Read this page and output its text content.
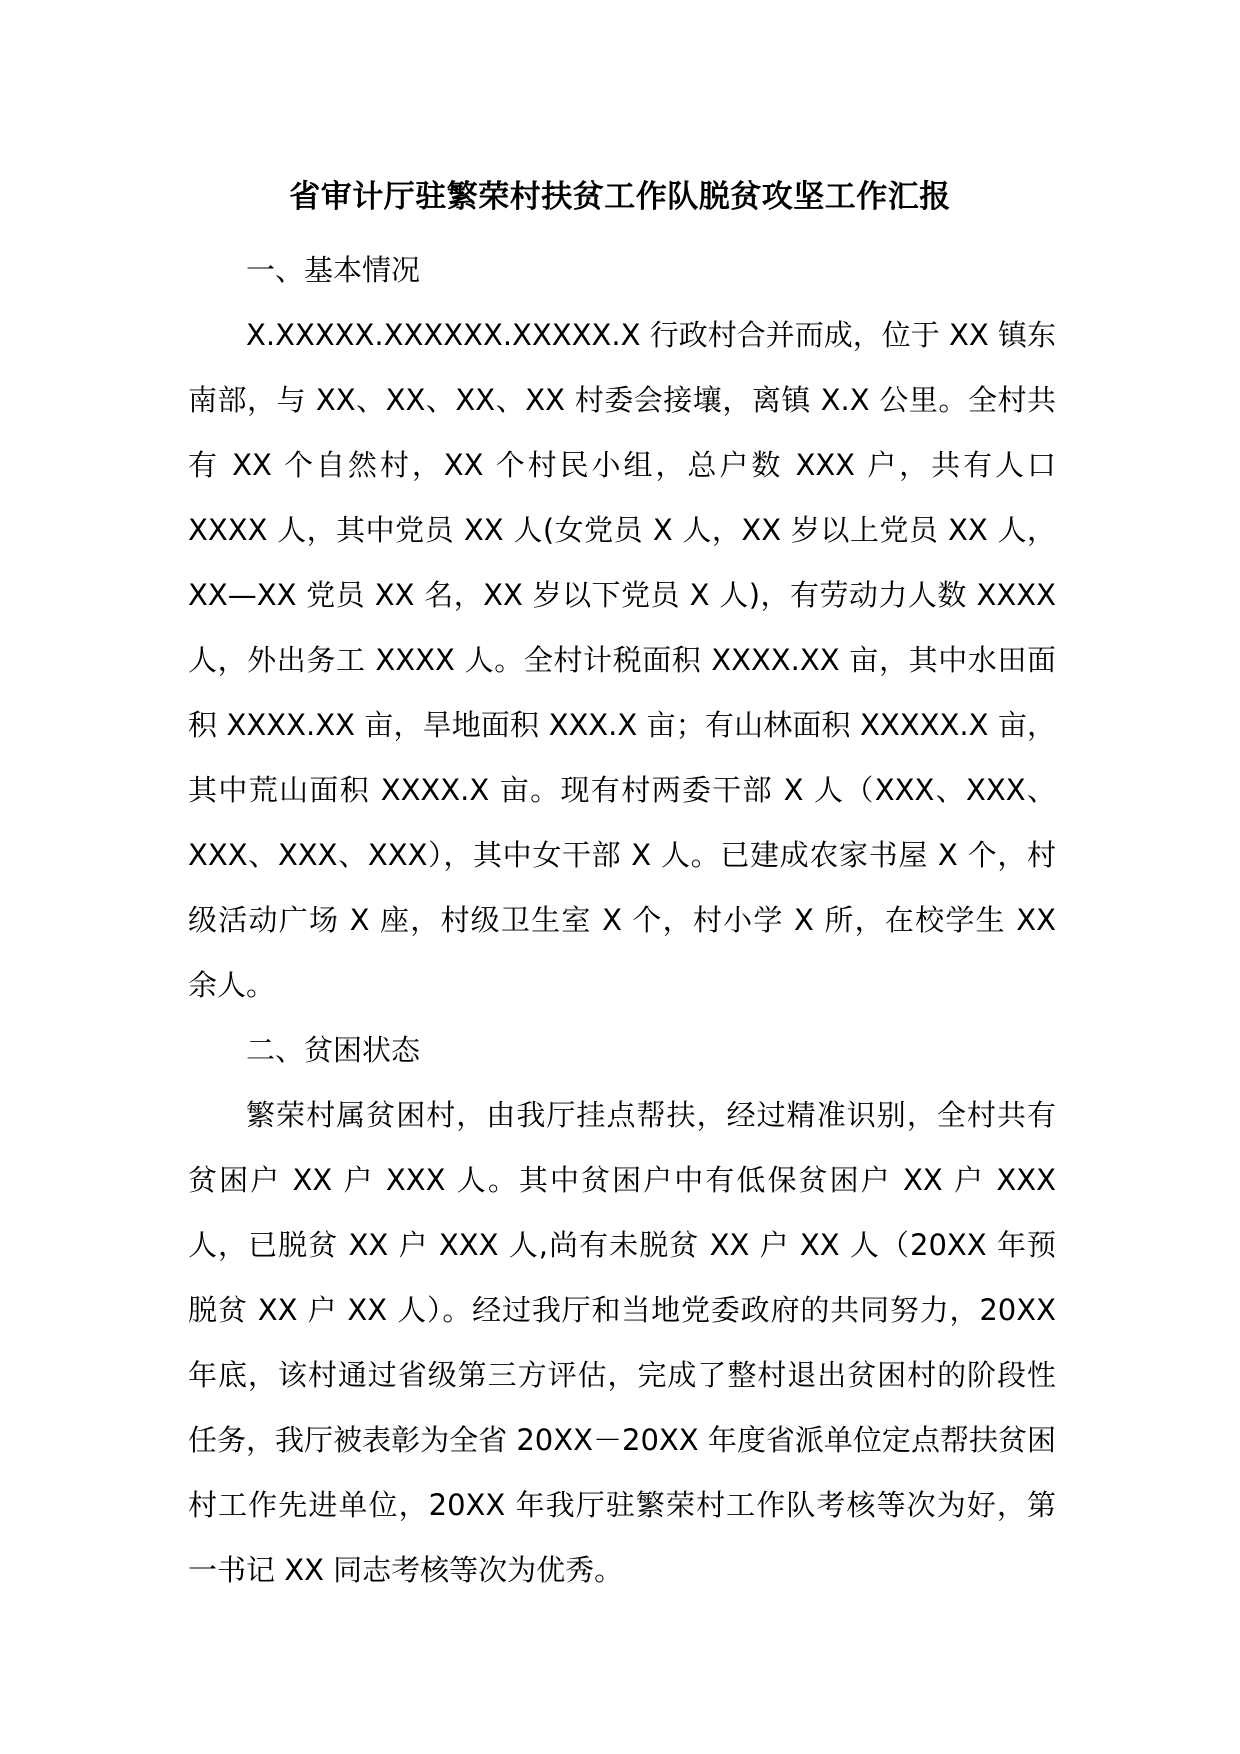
省审计厅驻繁荣村扶贫工作队脱贫攻坚工作汇报

一、基本情况

X.XXXXX.XXXXXX.XXXXX.X 行政村合并而成，位于 XX 镇东南部，与 XX、XX、XX、XX 村委会接壤，离镇 X.X 公里。全村共有 XX 个自然村，XX 个村民小组，总户数 XXX 户，共有人口 XXXX 人，其中党员 XX 人(女党员 X 人，XX 岁以上党员 XX 人，XX—XX 党员 XX 名，XX 岁以下党员 X 人)，有劳动力人数 XXXX 人，外出务工 XXXX 人。全村计税面积 XXXX.XX 亩，其中水田面积 XXXX.XX 亩，旱地面积 XXX.X 亩；有山林面积 XXXXX.X 亩，其中荒山面积 XXXX.X 亩。现有村两委干部 X 人（XXX、XXX、XXX、XXX、XXX），其中女干部 X 人。已建成农家书屋 X 个，村级活动广场 X 座，村级卫生室 X 个，村小学 X 所，在校学生 XX 余人。

二、贫困状态

繁荣村属贫困村，由我厅挂点帮扶，经过精准识别，全村共有贫困户 XX 户 XXX 人。其中贫困户中有低保贫困户 XX 户 XXX 人，已脱贫 XX 户 XXX 人,尚有未脱贫 XX 户 XX 人（20XX 年预脱贫 XX 户 XX 人）。经过我厅和当地党委政府的共同努力，20XX 年底，该村通过省级第三方评估，完成了整村退出贫困村的阶段性任务，我厅被表彰为全省 20XX－20XX 年度省派单位定点帮扶贫困村工作先进单位，20XX 年我厅驻繁荣村工作队考核等次为好，第一书记 XX 同志考核等次为优秀。
